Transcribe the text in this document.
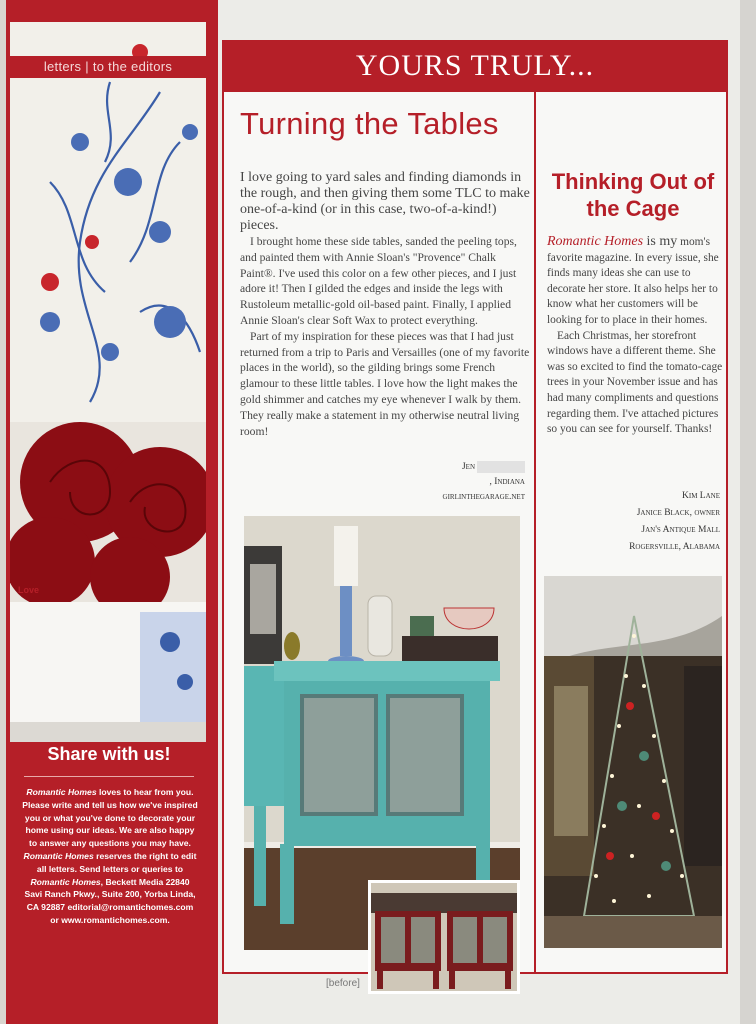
letters | to the editors
Love
Share with us!
Romantic Homes loves to hear from you. Please write and tell us how we've inspired you or what you've done to decorate your home using our ideas. We are also happy to answer any questions you may have. Romantic Homes reserves the right to edit all letters. Send letters or queries to Romantic Homes, Beckett Media 22840 Savi Ranch Pkwy., Suite 200, Yorba Linda, CA 92887 editorial@romantichomes.com or www.romantichomes.com.
YOURS TRULY...
Turning the Tables

I love going to yard sales and finding diamonds in the rough, and then giving them some TLC to make one-of-a-kind (or in this case, two-of-a-kind!) pieces.

I brought home these side tables, sanded the peeling tops, and painted them with Annie Sloan's "Provence" Chalk Paint®. I've used this color on a few other pieces, and I just adore it! Then I gilded the edges and inside the legs with Rustoleum metallic-gold oil-based paint. Finally, I applied Annie Sloan's clear Soft Wax to protect everything.

Part of my inspiration for these pieces was that I had just returned from a trip to Paris and Versailles (one of my favorite places in the world), so the gilding brings some French glamour to these little tables. I love how the light makes the gold shimmer and catches my eye whenever I walk by them. They really make a statement in my otherwise neutral living room!

Jen
, Indiana
girlinthegarage.net
Thinking Out of the Cage

Romantic Homes is my mom's favorite magazine. In every issue, she finds many ideas she can use to decorate her store. It also helps her to know what her customers will be looking for to place in their homes.

Each Christmas, her storefront windows have a different theme. She was so excited to find the tomato-cage trees in your November issue and has had many compliments and questions regarding them. I've attached pictures so you can see for yourself. Thanks!

Kim Lane
Janice Black, owner
Jan's Antique Mall
Rogersville, Alabama
[before]
